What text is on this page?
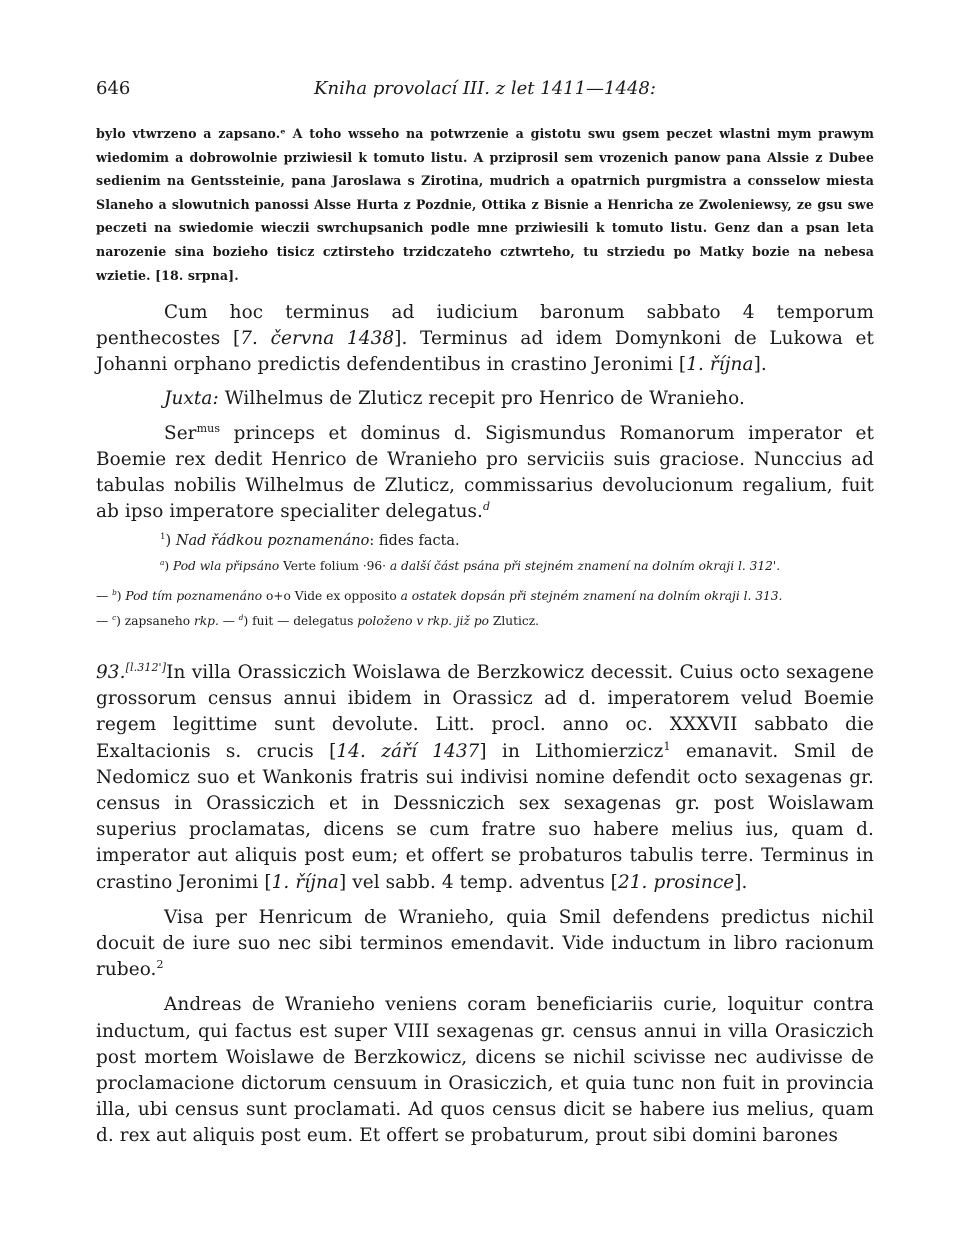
646	Kniha provolací III. z let 1411—1448:

bylo vtwrzeno a zapsano.ᵉ A toho wsseho na potwrzenie a gistotu swu gsem peczet wlastni mym prawym wiedomim a dobrowolnie prziwiesil k tomuto listu. A prziprosil sem vrozenich panow pana Alssie z Dubee sedienim na Gentssteinie, pana Jaroslawa s Zirotina, mudrich a opatrnich purgmistra a consselow miesta Slaneho a slowutnich panossi Alsse Hurta z Pozdnie, Ottika z Bisnie a Henricha ze Zwoleniewsy, ze gsu swe peczeti na swiedomie wieczii swrchupsanich podle mne prziwiesili k tomuto listu. Genz dan a psan leta narozenie sina bozieho tisicz cztirsteho trzidczateho cztwrteho, tu strziedu po Matky bozie na nebesa wzietie. [18. srpna].

Cum hoc terminus ad iudicium baronum sabbato 4 temporum penthecostes [7. června 1438]. Terminus ad idem Domynkoni de Lukowa et Johanni orphano predictis defendentibus in crastino Jeronimi [1. října].

Juxta: Wilhelmus de Zluticz recepit pro Henrico de Wranieho.

Ser$^{mus}$ princeps et dominus d. Sigismundus Romanorum imperator et Boemie rex dedit Henrico de Wranieho pro serviciis suis graciose. Nunccius ad tabulas nobilis Wilhelmus de Zluticz, commissarius devolucionum regalium, fuit ab ipso imperatore specialiter delegatus.$^d$

$^1$) Nad řádkou poznamenáno: fides facta.

$^a$) Pod wla připsáno Verte folium ·96· a další část psána při stejném znamení na dolním okraji l. 312'.

— $^b$) Pod tím poznamenáno o+o Vide ex opposito a ostatek dopsán při stejném znamení na dolním okraji l. 313.

— $^c$) zapsaneho rkp. — $^d$) fuit — delegatus položeno v rkp. již po Zluticz.

93.[l.312']In villa Orassiczich Woislawa de Berzkowicz decessit. Cuius octo sexagene grossorum census annui ibidem in Orassicz ad d. imperatorem velud Boemie regem legittime sunt devolute. Litt. procl. anno oc. XXXVII sabbato die Exaltacionis s. crucis [14. září 1437] in Lithomierzicz$^1$ emanavit. Smil de Nedomicz suo et Wankonis fratris sui indivisi nomine defendit octo sexagenas gr. census in Orassiczich et in Dessniczich sex sexagenas gr. post Woislawam superius proclamatas, dicens se cum fratre suo habere melius ius, quam d. imperator aut aliquis post eum; et offert se probaturos tabulis terre. Terminus in crastino Jeronimi [1. října] vel sabb. 4 temp. adventus [21. prosince].

Visa per Henricum de Wranieho, quia Smil defendens predictus nichil docuit de iure suo nec sibi terminos emendavit. Vide inductum in libro racionum rubeo.$^2$

Andreas de Wranieho veniens coram beneficiariis curie, loquitur contra inductum, qui factus est super VIII sexagenas gr. census annui in villa Orasiczich post mortem Woislawe de Berzkowicz, dicens se nichil scivisse nec audivisse de proclamacione dictorum censuum in Orasiczich, et quia tunc non fuit in provincia illa, ubi census sunt proclamati. Ad quos census dicit se habere ius melius, quam d. rex aut aliquis post eum. Et offert se probaturum, prout sibi domini barones
